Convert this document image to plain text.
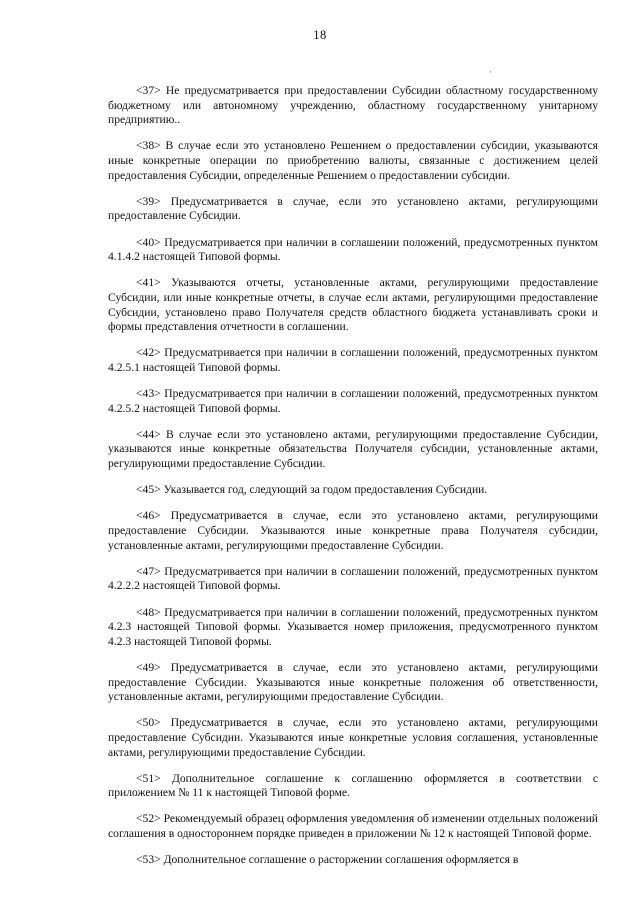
18
·

<37> Не предусматривается при предоставлении Субсидии областному государственному бюджетному или автономному учреждению, областному государственному унитарному предприятию..

<38> В случае если это установлено Решением о предоставлении субсидии, указываются иные конкретные операции по приобретению валюты, связанные с достижением целей предоставления Субсидии, определенные Решением о предоставлении субсидии.

<39> Предусматривается в случае, если это установлено актами, регулирующими предоставление Субсидии.

<40> Предусматривается при наличии в соглашении положений, предусмотренных пунктом 4.1.4.2 настоящей Типовой формы.

<41> Указываются отчеты, установленные актами, регулирующими предоставление Субсидии, или иные конкретные отчеты, в случае если актами, регулирующими предоставление Субсидии, установлено право Получателя средств областного бюджета устанавливать сроки и формы представления отчетности в соглашении.

<42> Предусматривается при наличии в соглашении положений, предусмотренных пунктом 4.2.5.1 настоящей Типовой формы.

<43> Предусматривается при наличии в соглашении положений, предусмотренных пунктом 4.2.5.2 настоящей Типовой формы.

<44> В случае если это установлено актами, регулирующими предоставление Субсидии, указываются иные конкретные обязательства Получателя субсидии, установленные актами, регулирующими предоставление Субсидии.

<45> Указывается год, следующий за годом предоставления Субсидии.

<46> Предусматривается в случае, если это установлено актами, регулирующими предоставление Субсидии. Указываются иные конкретные права Получателя субсидии, установленные актами, регулирующими предоставление Субсидии.

<47> Предусматривается при наличии в соглашении положений, предусмотренных пунктом 4.2.2.2 настоящей Типовой формы.

<48> Предусматривается при наличии в соглашении положений, предусмотренных пунктом 4.2.3 настоящей Типовой формы. Указывается номер приложения, предусмотренного пунктом 4.2.3 настоящей Типовой формы.

<49> Предусматривается в случае, если это установлено актами, регулирующими предоставление Субсидии. Указываются иные конкретные положения об ответственности, установленные актами, регулирующими предоставление Субсидии.

<50> Предусматривается в случае, если это установлено актами, регулирующими предоставление Субсидии. Указываются иные конкретные условия соглашения, установленные актами, регулирующими предоставление Субсидии.

<51> Дополнительное соглашение к соглашению оформляется в соответствии с приложением № 11 к настоящей Типовой форме.

<52> Рекомендуемый образец оформления уведомления об изменении отдельных положений соглашения в одностороннем порядке приведен в приложении № 12 к настоящей Типовой форме.

<53> Дополнительное соглашение о расторжении соглашения оформляется в
